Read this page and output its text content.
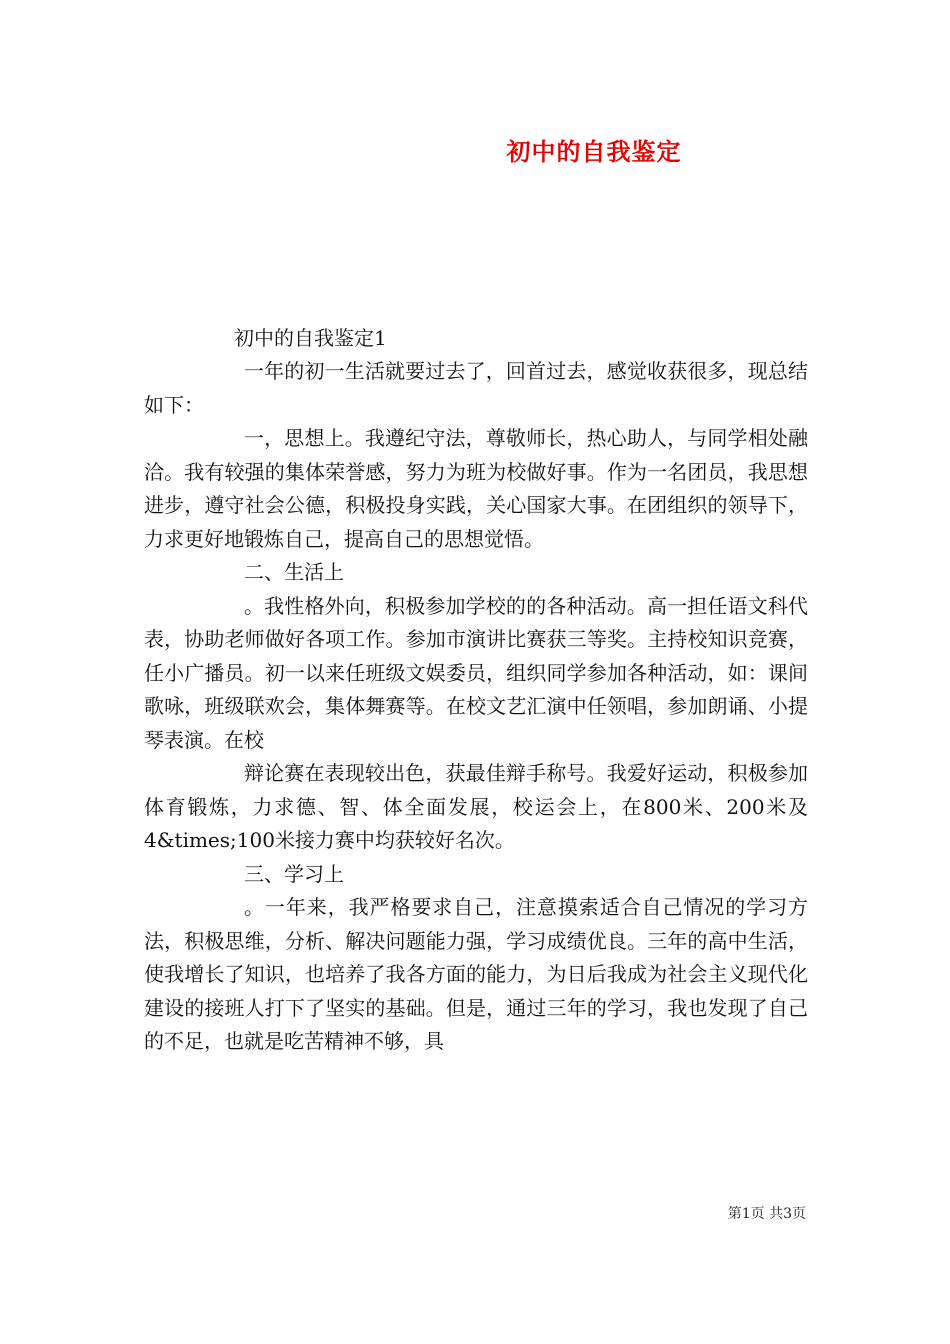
初中的自我鉴定
初中的自我鉴定1

一年的初一生活就要过去了，回首过去，感觉收获很多，现总结如下：

一，思想上。我遵纪守法，尊敬师长，热心助人，与同学相处融洽。我有较强的集体荣誉感，努力为班为校做好事。作为一名团员，我思想进步，遵守社会公德，积极投身实践，关心国家大事。在团组织的领导下，力求更好地锻炼自己，提高自己的思想觉悟。

二、生活上

。我性格外向，积极参加学校的的各种活动。高一担任语文科代表，协助老师做好各项工作。参加市演讲比赛获三等奖。主持校知识竞赛，任小广播员。初一以来任班级文娱委员，组织同学参加各种活动，如：课间歌咏，班级联欢会，集体舞赛等。在校文艺汇演中任领唱，参加朗诵、小提琴表演。在校

辩论赛在表现较出色，获最佳辩手称号。我爱好运动，积极参加体育锻炼，力求德、智、体全面发展，校运会上，在800米、200米及4&times;100米接力赛中均获较好名次。

三、学习上

。一年来，我严格要求自己，注意摸索适合自己情况的学习方法，积极思维，分析、解决问题能力强，学习成绩优良。三年的高中生活，使我增长了知识，也培养了我各方面的能力，为日后我成为社会主义现代化建设的接班人打下了坚实的基础。但是，通过三年的学习，我也发现了自己的不足，也就是吃苦精神不够，具

第1页 共3页
